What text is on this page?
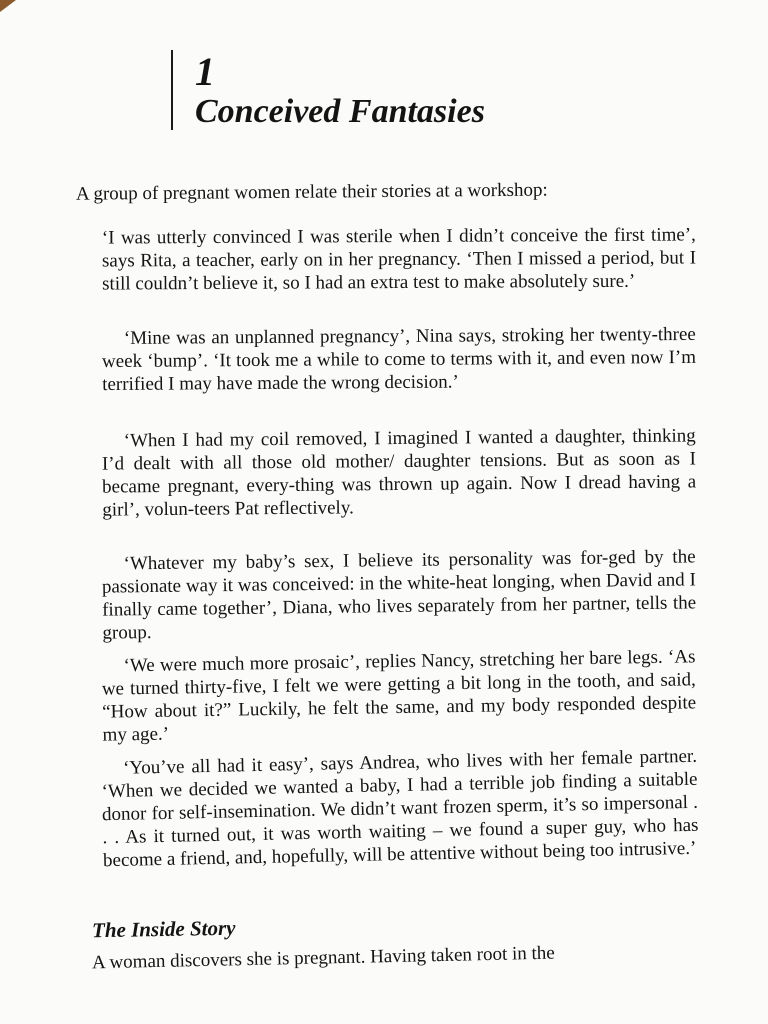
1
Conceived Fantasies

A group of pregnant women relate their stories at a workshop:

‘I was utterly convinced I was sterile when I didn’t conceive the first time’, says Rita, a teacher, early on in her pregnancy. ‘Then I missed a period, but I still couldn’t believe it, so I had an extra test to make absolutely sure.’

‘Mine was an unplanned pregnancy’, Nina says, stroking her twenty-three week ‘bump’. ‘It took me a while to come to terms with it, and even now I’m terrified I may have made the wrong decision.’

‘When I had my coil removed, I imagined I wanted a daughter, thinking I’d dealt with all those old mother/ daughter tensions. But as soon as I became pregnant, every-thing was thrown up again. Now I dread having a girl’, volun-teers Pat reflectively.

‘Whatever my baby’s sex, I believe its personality was for-ged by the passionate way it was conceived: in the white-heat longing, when David and I finally came together’, Diana, who lives separately from her partner, tells the group.

‘We were much more prosaic’, replies Nancy, stretching her bare legs. ‘As we turned thirty-five, I felt we were getting a bit long in the tooth, and said, “How about it?” Luckily, he felt the same, and my body responded despite my age.’

‘You’ve all had it easy’, says Andrea, who lives with her female partner. ‘When we decided we wanted a baby, I had a terrible job finding a suitable donor for self-insemination. We didn’t want frozen sperm, it’s so impersonal . . . As it turned out, it was worth waiting – we found a super guy, who has become a friend, and, hopefully, will be attentive without being too intrusive.’

The Inside Story

A woman discovers she is pregnant. Having taken root in the
